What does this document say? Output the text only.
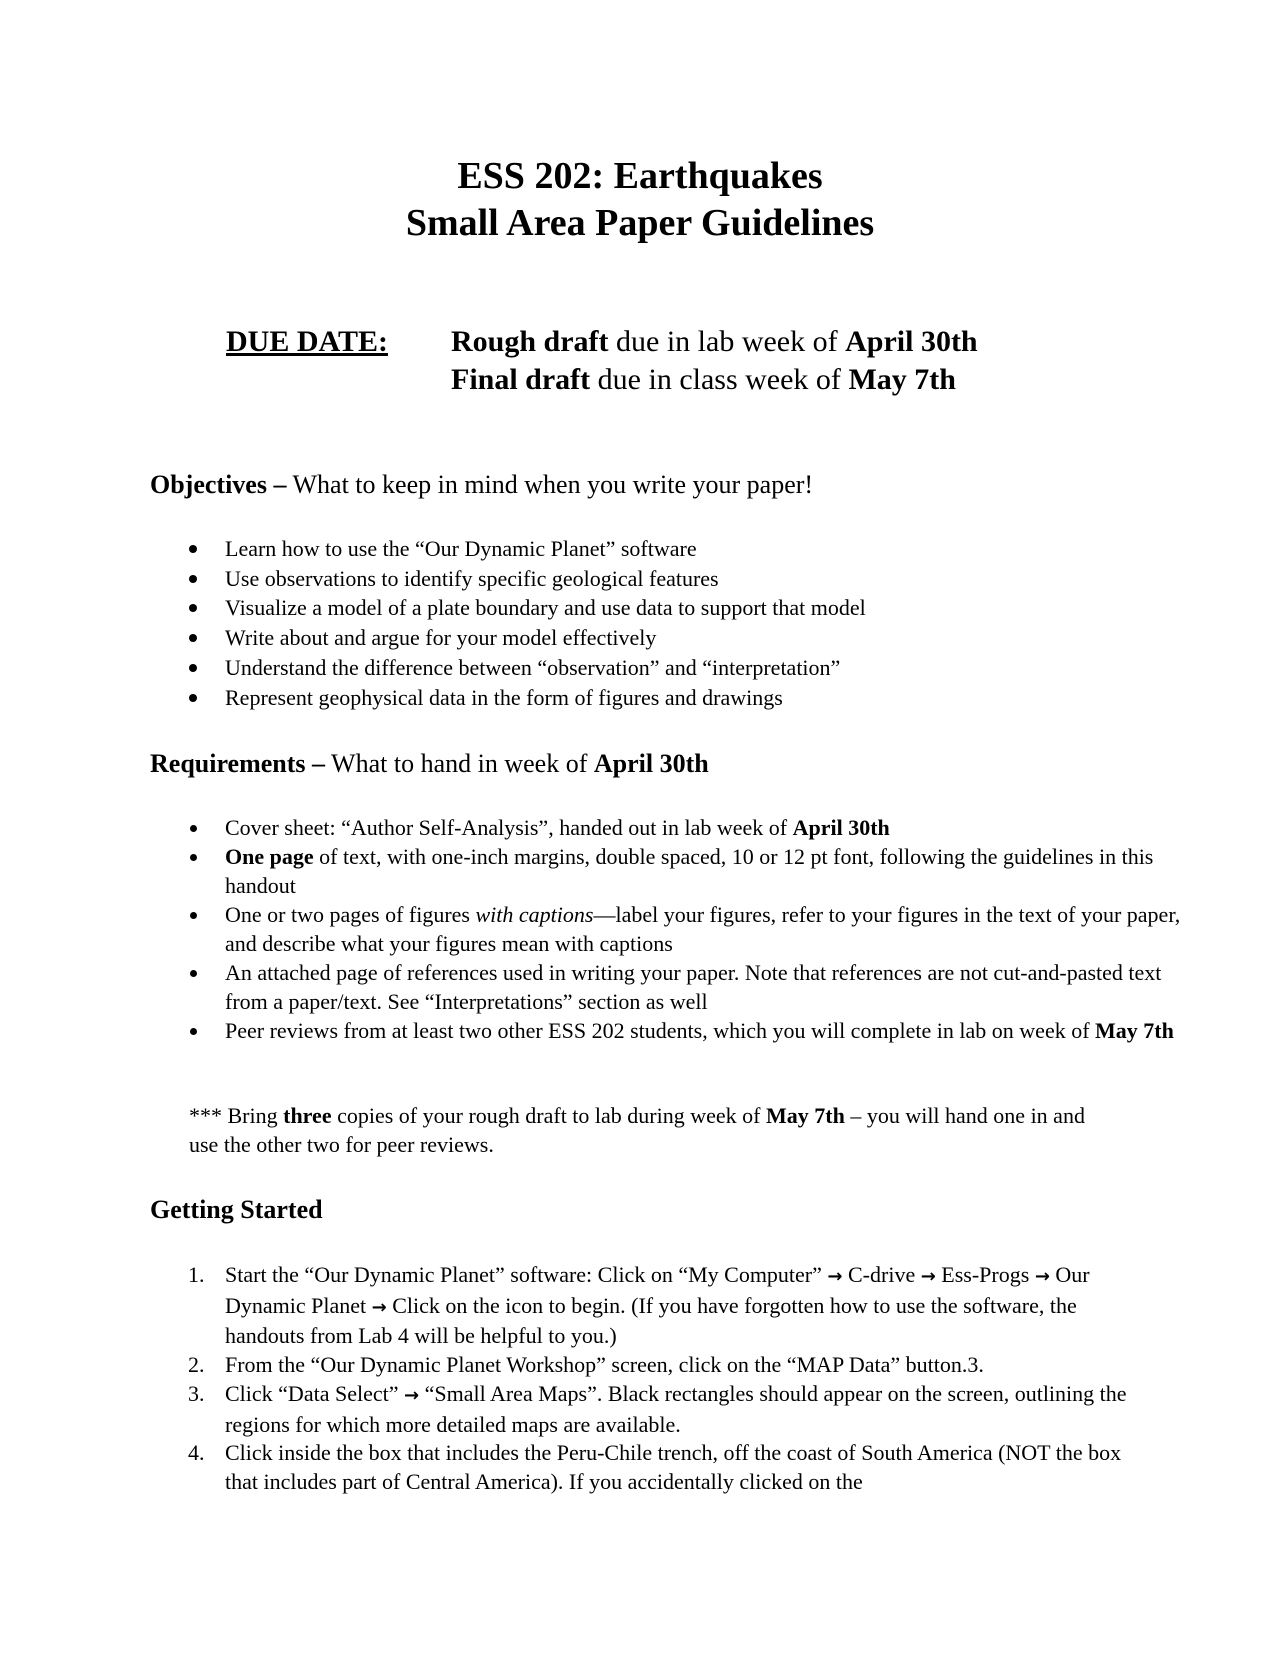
ESS 202: Earthquakes
Small Area Paper Guidelines
DUE DATE: Rough draft due in lab week of April 30th
Final draft due in class week of May 7th
Objectives – What to keep in mind when you write your paper!
Learn how to use the “Our Dynamic Planet” software
Use observations to identify specific geological features
Visualize a model of a plate boundary and use data to support that model
Write about and argue for your model effectively
Understand the difference between “observation” and “interpretation”
Represent geophysical data in the form of figures and drawings
Requirements – What to hand in week of April 30th
Cover sheet: “Author Self-Analysis”, handed out in lab week of April 30th
One page of text, with one-inch margins, double spaced, 10 or 12 pt font, following the guidelines in this handout
One or two pages of figures with captions—label your figures, refer to your figures in the text of your paper, and describe what your figures mean with captions
An attached page of references used in writing your paper. Note that references are not cut-and-pasted text from a paper/text. See “Interpretations” section as well
Peer reviews from at least two other ESS 202 students, which you will complete in lab on week of May 7th
*** Bring three copies of your rough draft to lab during week of May 7th – you will hand one in and use the other two for peer reviews.
Getting Started
1. Start the “Our Dynamic Planet” software: Click on “My Computer” → C-drive → Ess-Progs → Our Dynamic Planet → Click on the icon to begin. (If you have forgotten how to use the software, the handouts from Lab 4 will be helpful to you.)
2. From the “Our Dynamic Planet Workshop” screen, click on the “MAP Data” button.3.
3. Click “Data Select” → “Small Area Maps”. Black rectangles should appear on the screen, outlining the regions for which more detailed maps are available.
4. Click inside the box that includes the Peru-Chile trench, off the coast of South America (NOT the box that includes part of Central America). If you accidentally clicked on the
